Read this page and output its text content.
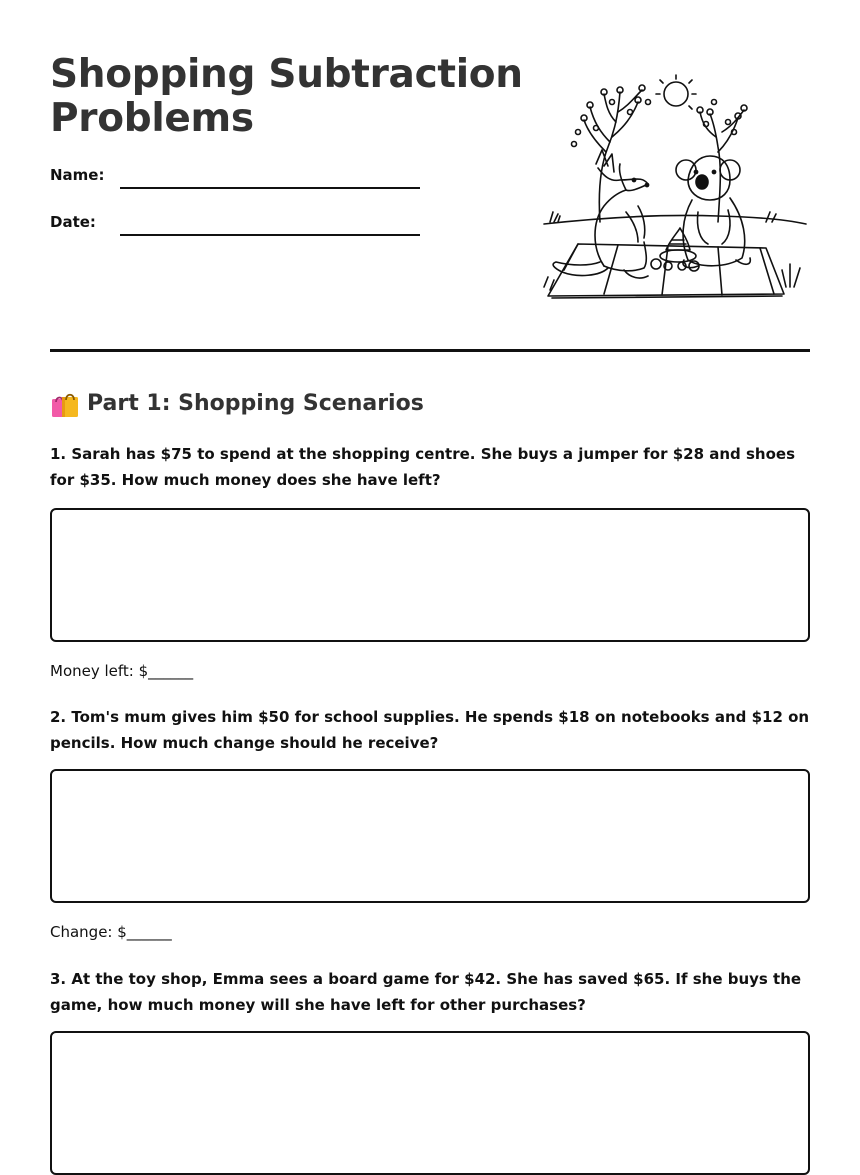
Shopping Subtraction
Problems
Name:
Date:
Part 1: Shopping Scenarios

1. Sarah has $75 to spend at the shopping centre. She buys a jumper for $28 and shoes for $35. How much money does she have left?

Money left: $______

2. Tom's mum gives him $50 for school supplies. He spends $18 on notebooks and $12 on pencils. How much change should he receive?

Change: $______

3. At the toy shop, Emma sees a board game for $42. She has saved $65. If she buys the game, how much money will she have left for other purchases?
